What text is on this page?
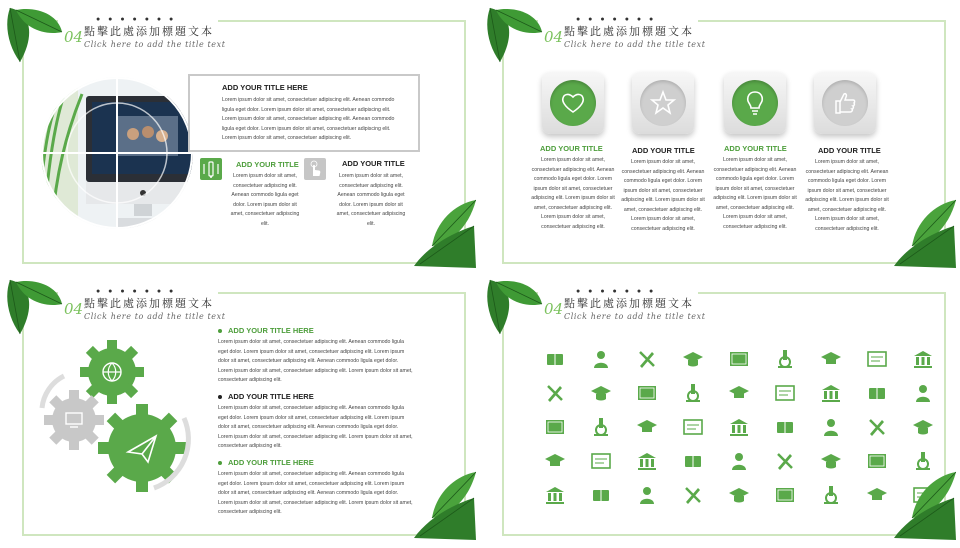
● ● ● ● ● ● ●
04 點擊此處添加標題文本
Click here to add the title text
ADD YOUR TITLE HERE
Lorem ipsum dolor sit amet, consectetuer adipiscing elit. Aenean commodo ligula eget dolor. Lorem ipsum dolor sit amet, consectetuer adipiscing elit. Lorem ipsum dolor sit amet, consectetuer adipiscing elit. Aenean commodo ligula eget dolor. Lorem ipsum dolor sit amet, consectetuer adipiscing elit. Lorem ipsum dolor sit amet, consectetuer adipiscing elit.
ADD YOUR TITLE
Lorem ipsum dolor sit amet, consectetuer adipiscing elit. Aenean commodo ligula eget dolor. Lorem ipsum dolor sit amet, consectetuer adipiscing elit.
ADD YOUR TITLE
Lorem ipsum dolor sit amet, consectetuer adipiscing elit. Aenean commodo ligula eget dolor. Lorem ipsum dolor sit amet, consectetuer adipiscing elit.
● ● ● ● ● ● ●
04 點擊此處添加標題文本
Click here to add the title text
ADD YOUR TITLE
Lorem ipsum dolor sit amet, consectetuer adipiscing elit. Aenean commodo ligula eget dolor. Lorem ipsum dolor sit amet, consectetuer adipiscing elit. Lorem ipsum dolor sit amet, consectetuer adipiscing elit. Lorem ipsum dolor sit amet, consectetuer adipiscing elit.
ADD YOUR TITLE
Lorem ipsum dolor sit amet, consectetuer adipiscing elit. Aenean commodo ligula eget dolor. Lorem ipsum dolor sit amet, consectetuer adipiscing elit. Lorem ipsum dolor sit amet, consectetuer adipiscing elit. Lorem ipsum dolor sit amet, consectetuer adipiscing elit.
ADD YOUR TITLE
Lorem ipsum dolor sit amet, consectetuer adipiscing elit. Aenean commodo ligula eget dolor. Lorem ipsum dolor sit amet, consectetuer adipiscing elit. Lorem ipsum dolor sit amet, consectetuer adipiscing elit. Lorem ipsum dolor sit amet, consectetuer adipiscing elit.
ADD YOUR TITLE
Lorem ipsum dolor sit amet, consectetuer adipiscing elit. Aenean commodo ligula eget dolor. Lorem ipsum dolor sit amet, consectetuer adipiscing elit. Lorem ipsum dolor sit amet, consectetuer adipiscing elit. Lorem ipsum dolor sit amet, consectetuer adipiscing elit.
● ● ● ● ● ● ●
04 點擊此處添加標題文本
Click here to add the title text
ADD YOUR TITLE HERE
Lorem ipsum dolor sit amet, consectetuer adipiscing elit. Aenean commodo ligula eget dolor. Lorem ipsum dolor sit amet, consectetuer adipiscing elit. Lorem ipsum dolor sit amet, consectetuer adipiscing elit. Aenean commodo ligula eget dolor. Lorem ipsum dolor sit amet, consectetuer adipiscing elit. Lorem ipsum dolor sit amet, consectetuer adipiscing elit.
ADD YOUR TITLE HERE
Lorem ipsum dolor sit amet, consectetuer adipiscing elit. Aenean commodo ligula eget dolor. Lorem ipsum dolor sit amet, consectetuer adipiscing elit. Lorem ipsum dolor sit amet, consectetuer adipiscing elit. Aenean commodo ligula eget dolor. Lorem ipsum dolor sit amet, consectetuer adipiscing elit. Lorem ipsum dolor sit amet, consectetuer adipiscing elit.
ADD YOUR TITLE HERE
Lorem ipsum dolor sit amet, consectetuer adipiscing elit. Aenean commodo ligula eget dolor. Lorem ipsum dolor sit amet, consectetuer adipiscing elit. Lorem ipsum dolor sit amet, consectetuer adipiscing elit. Aenean commodo ligula eget dolor. Lorem ipsum dolor sit amet, consectetuer adipiscing elit. Lorem ipsum dolor sit amet, consectetuer adipiscing elit.
● ● ● ● ● ● ●
04 點擊此處添加標題文本
Click here to add the title text
